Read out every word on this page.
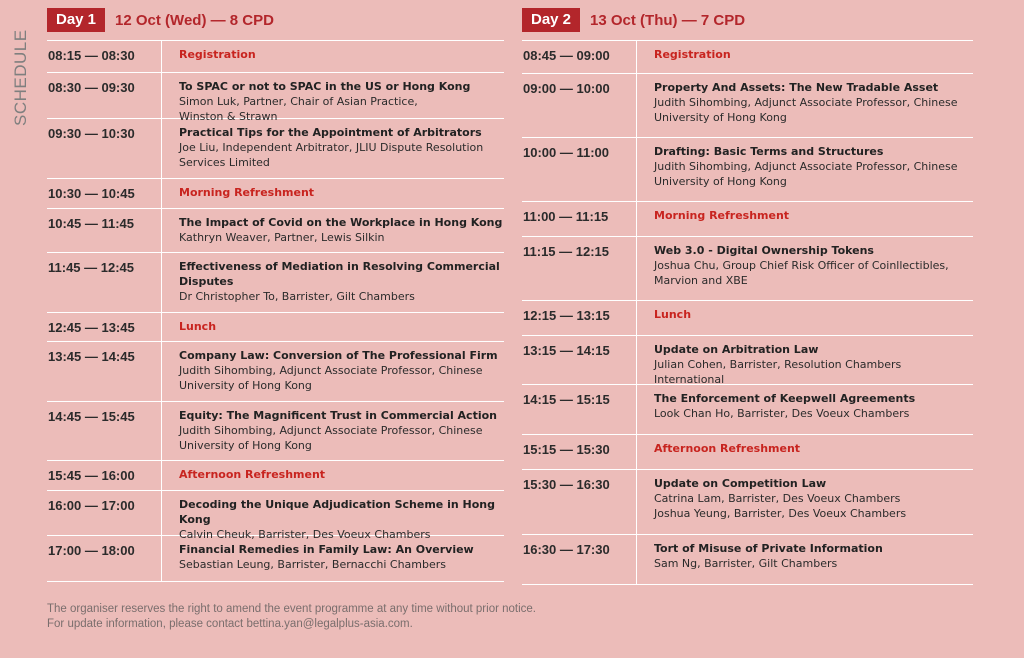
SCHEDULE
Day 1	12 Oct (Wed) — 8 CPD
08:15 — 08:30	Registration
08:30 — 09:30	To SPAC or not to SPAC in the US or Hong Kong
Simon Luk, Partner, Chair of Asian Practice,
Winston & Strawn
09:30 — 10:30	Practical Tips for the Appointment of Arbitrators
Joe Liu, Independent Arbitrator, JLIU Dispute Resolution
Services Limited
10:30 — 10:45	Morning Refreshment
10:45 — 11:45	The Impact of Covid on the Workplace in Hong Kong
Kathryn Weaver, Partner, Lewis Silkin
11:45 — 12:45	Effectiveness of Mediation in Resolving Commercial Disputes
Dr Christopher To, Barrister, Gilt Chambers
12:45 — 13:45	Lunch
13:45 — 14:45	Company Law: Conversion of The Professional Firm
Judith Sihombing, Adjunct Associate Professor, Chinese
University of Hong Kong
14:45 — 15:45	Equity: The Magnificent Trust in Commercial Action
Judith Sihombing, Adjunct Associate Professor, Chinese
University of Hong Kong
15:45 — 16:00	Afternoon Refreshment
16:00 — 17:00	Decoding the Unique Adjudication Scheme in Hong Kong
Calvin Cheuk, Barrister, Des Voeux Chambers
17:00 — 18:00	Financial Remedies in Family Law: An Overview
Sebastian Leung, Barrister, Bernacchi Chambers
Day 2	13 Oct (Thu) — 7 CPD
08:45 — 09:00	Registration
09:00 — 10:00	Property And Assets: The New Tradable Asset
Judith Sihombing, Adjunct Associate Professor, Chinese
University of Hong Kong
10:00 — 11:00	Drafting: Basic Terms and Structures
Judith Sihombing, Adjunct Associate Professor, Chinese
University of Hong Kong
11:00 — 11:15	Morning Refreshment
11:15 — 12:15	Web 3.0 - Digital Ownership Tokens
Joshua Chu, Group Chief Risk Officer of Coinllectibles,
Marvion and XBE
12:15 — 13:15	Lunch
13:15 — 14:15	Update on Arbitration Law
Julian Cohen, Barrister, Resolution Chambers International
14:15 — 15:15	The Enforcement of Keepwell Agreements
Look Chan Ho, Barrister, Des Voeux Chambers
15:15 — 15:30	Afternoon Refreshment
15:30 — 16:30	Update on Competition Law
Catrina Lam, Barrister, Des Voeux Chambers
Joshua Yeung, Barrister, Des Voeux Chambers
16:30 — 17:30	Tort of Misuse of Private Information
Sam Ng, Barrister, Gilt Chambers
The organiser reserves the right to amend the event programme at any time without prior notice.
For update information, please contact bettina.yan@legalplus-asia.com.
